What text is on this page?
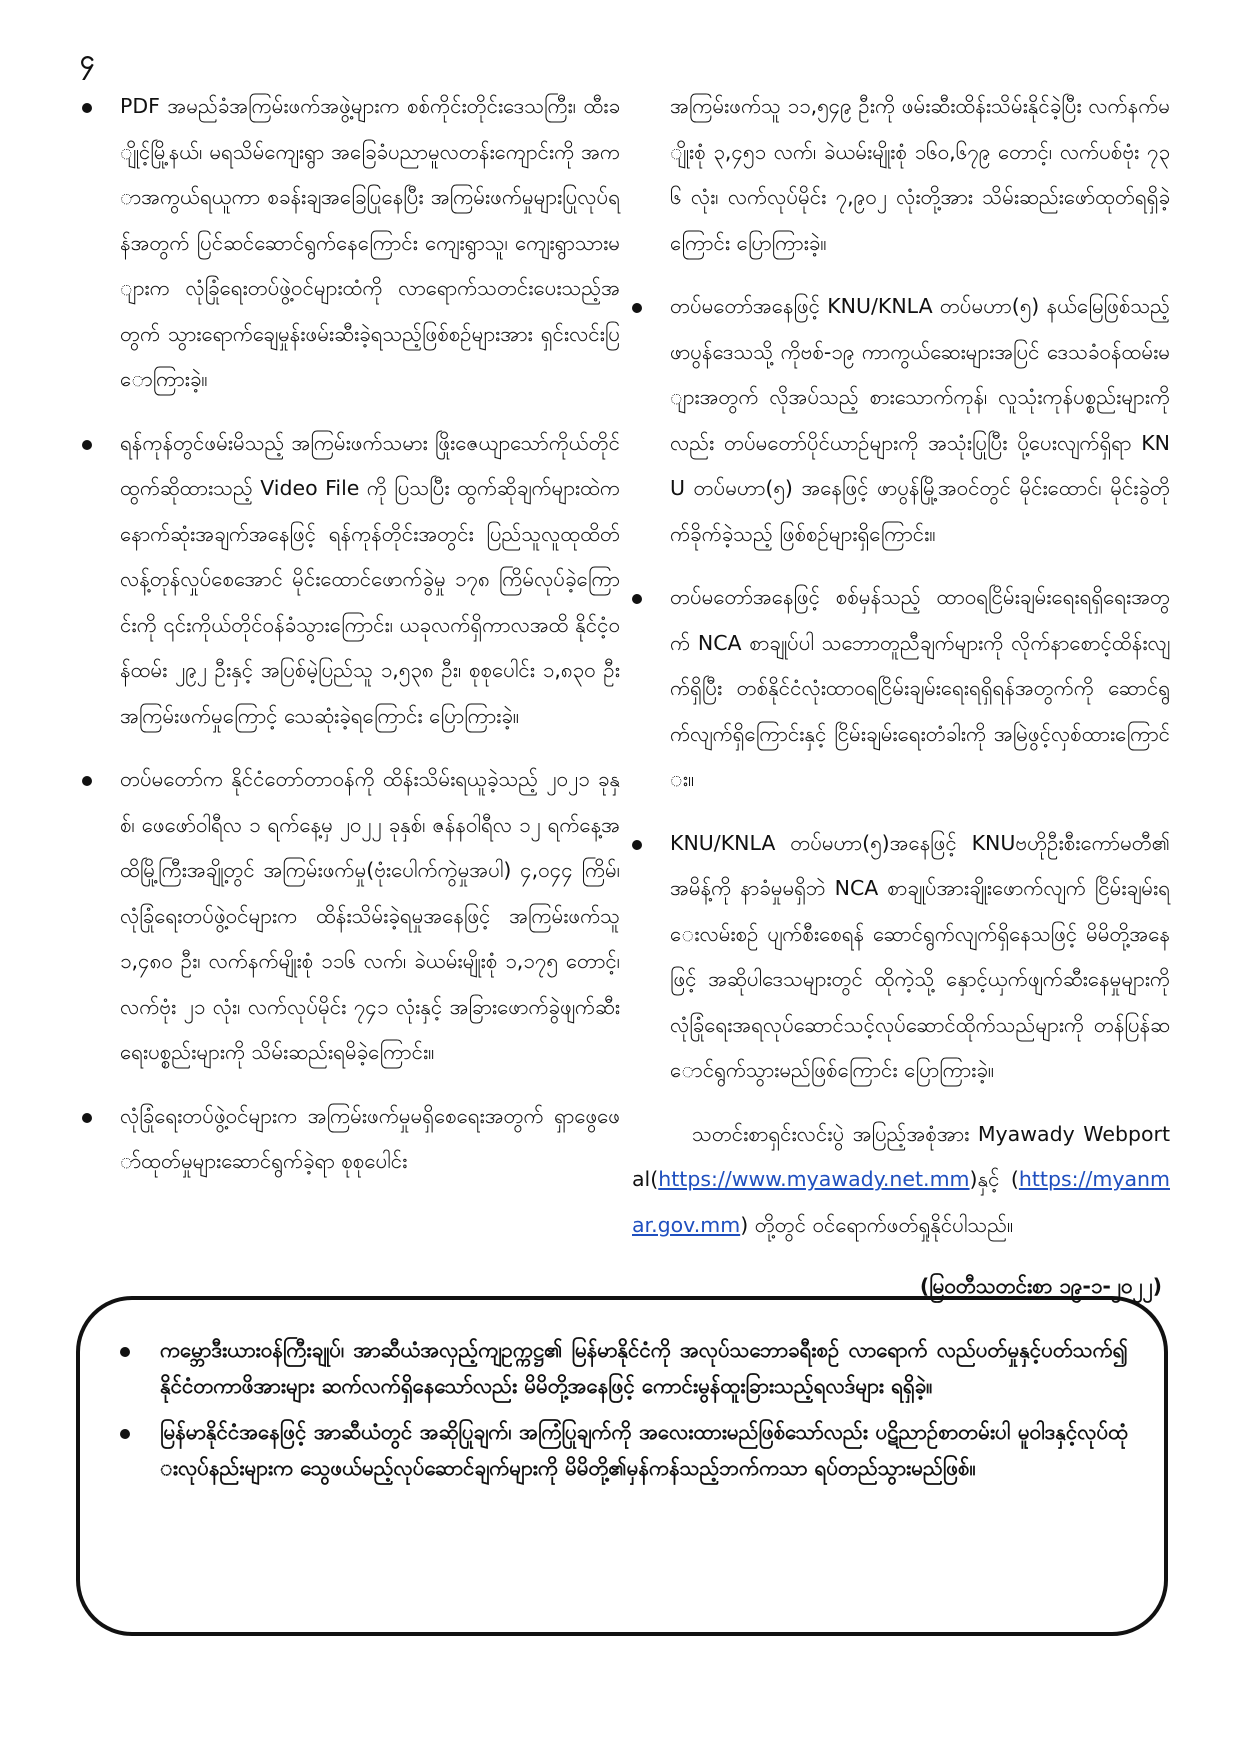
၄

PDF အမည်ခံအကြမ်းဖက်အဖွဲ့များက စစ်ကိုင်းတိုင်းဒေသကြီး၊ ထီးချိုင့်မြို့နယ်၊ မရသိမ်ကျေးရွာ အခြေခံပညာမူလတန်းကျောင်းကို အကာအကွယ်ရယူကာ စခန်းချအခြေပြုနေပြီး အကြမ်းဖက်မှုများပြုလုပ်ရန်အတွက် ပြင်ဆင်ဆောင်ရွက်နေကြောင်း ကျေးရွာသူ၊ ကျေးရွာသားများက လုံခြုံရေးတပ်ဖွဲ့ဝင်များထံကို လာရောက်သတင်းပေးသည့်အတွက် သွားရောက်ချေမှုန်းဖမ်းဆီးခဲ့ရသည့်ဖြစ်စဉ်များအား ရှင်းလင်းပြောကြားခဲ့။

ရန်ကုန်တွင်ဖမ်းမိသည့် အကြမ်းဖက်သမား ဖြိုးဇေယျာသော်ကိုယ်တိုင် ထွက်ဆိုထားသည့် Video File ကို ပြသပြီး ထွက်ဆိုချက်များထဲက နောက်ဆုံးအချက်အနေဖြင့် ရန်ကုန်တိုင်းအတွင်း ပြည်သူလူထုထိတ်လန့်တုန်လှုပ်စေအောင် မိုင်းထောင်ဖောက်ခွဲမှု ၁၇၈ ကြိမ်လုပ်ခဲ့ကြောင်းကို ၎င်းကိုယ်တိုင်ဝန်ခံသွားကြောင်း၊ ယခုလက်ရှိကာလအထိ နိုင်ငံ့ဝန်ထမ်း ၂၉၂ ဦးနှင့် အပြစ်မဲ့ပြည်သူ ၁,၅၃၈ ဦး၊ စုစုပေါင်း ၁,၈၃၀ ဦး အကြမ်းဖက်မှုကြောင့် သေဆုံးခဲ့ရကြောင်း ပြောကြားခဲ့။

တပ်မတော်က နိုင်ငံတော်တာဝန်ကို ထိန်းသိမ်းရယူခဲ့သည့် ၂၀၂၁ ခုနှစ်၊ ဖေဖော်ဝါရီလ ၁ ရက်နေ့မှ ၂၀၂၂ ခုနှစ်၊ ဇန်နဝါရီလ ၁၂ ရက်နေ့အထိမြို့ကြီးအချို့တွင် အကြမ်းဖက်မှု(ဗုံးပေါက်ကွဲမှုအပါ) ၄,၀၄၄ ကြိမ်၊ လုံခြုံရေးတပ်ဖွဲ့ဝင်များက ထိန်းသိမ်းခဲ့ရမှုအနေဖြင့် အကြမ်းဖက်သူ ၁,၄၈၀ ဦး၊ လက်နက်မျိုးစုံ ၁၁၆ လက်၊ ခဲယမ်းမျိုးစုံ ၁,၁၇၅ တောင့်၊ လက်ဗုံး ၂၁ လုံး၊ လက်လုပ်မိုင်း ၇၄၁ လုံးနှင့် အခြားဖောက်ခွဲဖျက်ဆီးရေးပစ္စည်းများကို သိမ်းဆည်းရမိခဲ့ကြောင်း။

လုံခြုံရေးတပ်ဖွဲ့ဝင်များက အကြမ်းဖက်မှုမရှိစေရေးအတွက် ရှာဖွေဖော်ထုတ်မှုများဆောင်ရွက်ခဲ့ရာ စုစုပေါင်း

အကြမ်းဖက်သူ ၁၁,၅၄၉ ဦးကို ဖမ်းဆီးထိန်းသိမ်းနိုင်ခဲ့ပြီး လက်နက်မျိုးစုံ ၃,၄၅၁ လက်၊ ခဲယမ်းမျိုးစုံ ၁၆၀,၆၇၉ တောင့်၊ လက်ပစ်ဗုံး ၇၃၆ လုံး၊ လက်လုပ်မိုင်း ၇,၉၀၂ လုံးတို့အား သိမ်းဆည်းဖော်ထုတ်ရရှိခဲ့ကြောင်း ပြောကြားခဲ့။

တပ်မတော်အနေဖြင့် KNU/KNLA တပ်မဟာ(၅) နယ်မြေဖြစ်သည့် ဖာပွန်ဒေသသို့ ကိုဗစ်-၁၉ ကာကွယ်ဆေးများအပြင် ဒေသခံဝန်ထမ်းများအတွက် လိုအပ်သည့် စားသောက်ကုန်၊ လူသုံးကုန်ပစ္စည်းများကိုလည်း တပ်မတော်ပိုင်ယာဉ်များကို အသုံးပြုပြီး ပို့ပေးလျက်ရှိရာ KNU တပ်မဟာ(၅) အနေဖြင့် ဖာပွန်မြို့အဝင်တွင် မိုင်းထောင်၊ မိုင်းခွဲတိုက်ခိုက်ခဲ့သည့် ဖြစ်စဉ်များရှိကြောင်း။

တပ်မတော်အနေဖြင့် စစ်မှန်သည့် ထာဝရငြိမ်းချမ်းရေးရရှိရေးအတွက် NCA စာချုပ်ပါ သဘောတူညီချက်များကို လိုက်နာစောင့်ထိန်းလျက်ရှိပြီး တစ်နိုင်ငံလုံးထာဝရငြိမ်းချမ်းရေးရရှိရန်အတွက်ကို ဆောင်ရွက်လျက်ရှိကြောင်းနှင့် ငြိမ်းချမ်းရေးတံခါးကို အမြဲဖွင့်လှစ်ထားကြောင်း။

KNU/KNLA တပ်မဟာ(၅)အနေဖြင့် KNUဗဟိုဦးစီးကော်မတီ၏အမိန့်ကို နာခံမှုမရှိဘဲ NCA စာချုပ်အားချိုးဖောက်လျက် ငြိမ်းချမ်းရေးလမ်းစဉ် ပျက်စီးစေရန် ဆောင်ရွက်လျက်ရှိနေသဖြင့် မိမိတို့အနေဖြင့် အဆိုပါဒေသများတွင် ထိုကဲ့သို့ နှောင့်ယှက်ဖျက်ဆီးနေမှုများကို လုံခြုံရေးအရလုပ်ဆောင်သင့်လုပ်ဆောင်ထိုက်သည်များကို တန်ပြန်ဆောင်ရွက်သွားမည်ဖြစ်ကြောင်း ပြောကြားခဲ့။

သတင်းစာရှင်းလင်းပွဲ အပြည့်အစုံအား Myawady Webportal(https://www.myawady.net.mm)နှင့် (https://myanmar.gov.mm) တို့တွင် ဝင်ရောက်ဖတ်ရှုနိုင်ပါသည်။

(မြဝတီသတင်းစာ ၁၉-၁-၂၀၂၂)
ကမ္ဘောဒီးယားဝန်ကြီးချုပ်၊ အာဆီယံအလှည့်ကျဥက္ကဋ္ဌ၏ မြန်မာနိုင်ငံကို အလုပ်သဘောခရီးစဉ် လာရောက် လည်ပတ်မှုနှင့်ပတ်သက်၍ နိုင်ငံတကာဖိအားများ ဆက်လက်ရှိနေသော်လည်း မိမိတို့အနေဖြင့် ကောင်းမွန်ထူးခြားသည့်ရလဒ်များ ရရှိခဲ့။
မြန်မာနိုင်ငံအနေဖြင့် အာဆီယံတွင် အဆိုပြုချက်၊ အကြံပြုချက်ကို အလေးထားမည်ဖြစ်သော်လည်း ပဋိညာဉ်စာတမ်းပါ မူဝါဒနှင့်လုပ်ထုံးလုပ်နည်းများက သွေဖယ်မည့်လုပ်ဆောင်ချက်များကို မိမိတို့၏မှန်ကန်သည့်ဘက်ကသာ ရပ်တည်သွားမည်ဖြစ်။
